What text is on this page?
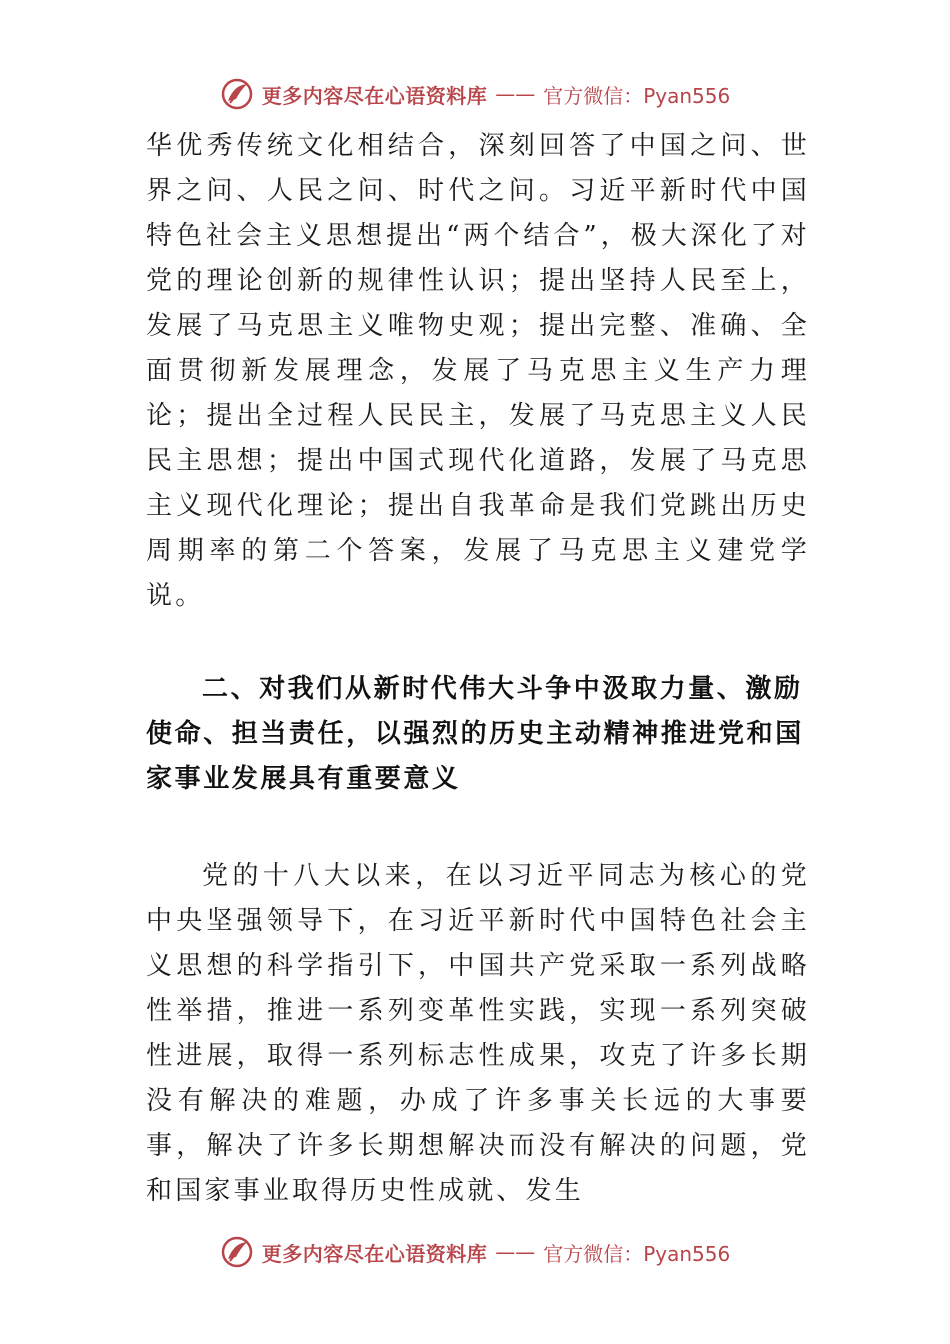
更多内容尽在心语资料库 —— 官方微信：Pyan556

华优秀传统文化相结合，深刻回答了中国之问、世界之问、人民之问、时代之问。习近平新时代中国特色社会主义思想提出“两个结合”，极大深化了对党的理论创新的规律性认识；提出坚持人民至上，发展了马克思主义唯物史观；提出完整、准确、全面贯彻新发展理念，发展了马克思主义生产力理论；提出全过程人民民主，发展了马克思主义人民民主思想；提出中国式现代化道路，发展了马克思主义现代化理论；提出自我革命是我们党跳出历史周期率的第二个答案，发展了马克思主义建党学说。

二、对我们从新时代伟大斗争中汲取力量、激励使命、担当责任，以强烈的历史主动精神推进党和国家事业发展具有重要意义

党的十八大以来，在以习近平同志为核心的党中央坚强领导下，在习近平新时代中国特色社会主义思想的科学指引下，中国共产党采取一系列战略性举措，推进一系列变革性实践，实现一系列突破性进展，取得一系列标志性成果，攻克了许多长期没有解决的难题，办成了许多事关长远的大事要事，解决了许多长期想解决而没有解决的问题，党和国家事业取得历史性成就、发生

更多内容尽在心语资料库 —— 官方微信：Pyan556
